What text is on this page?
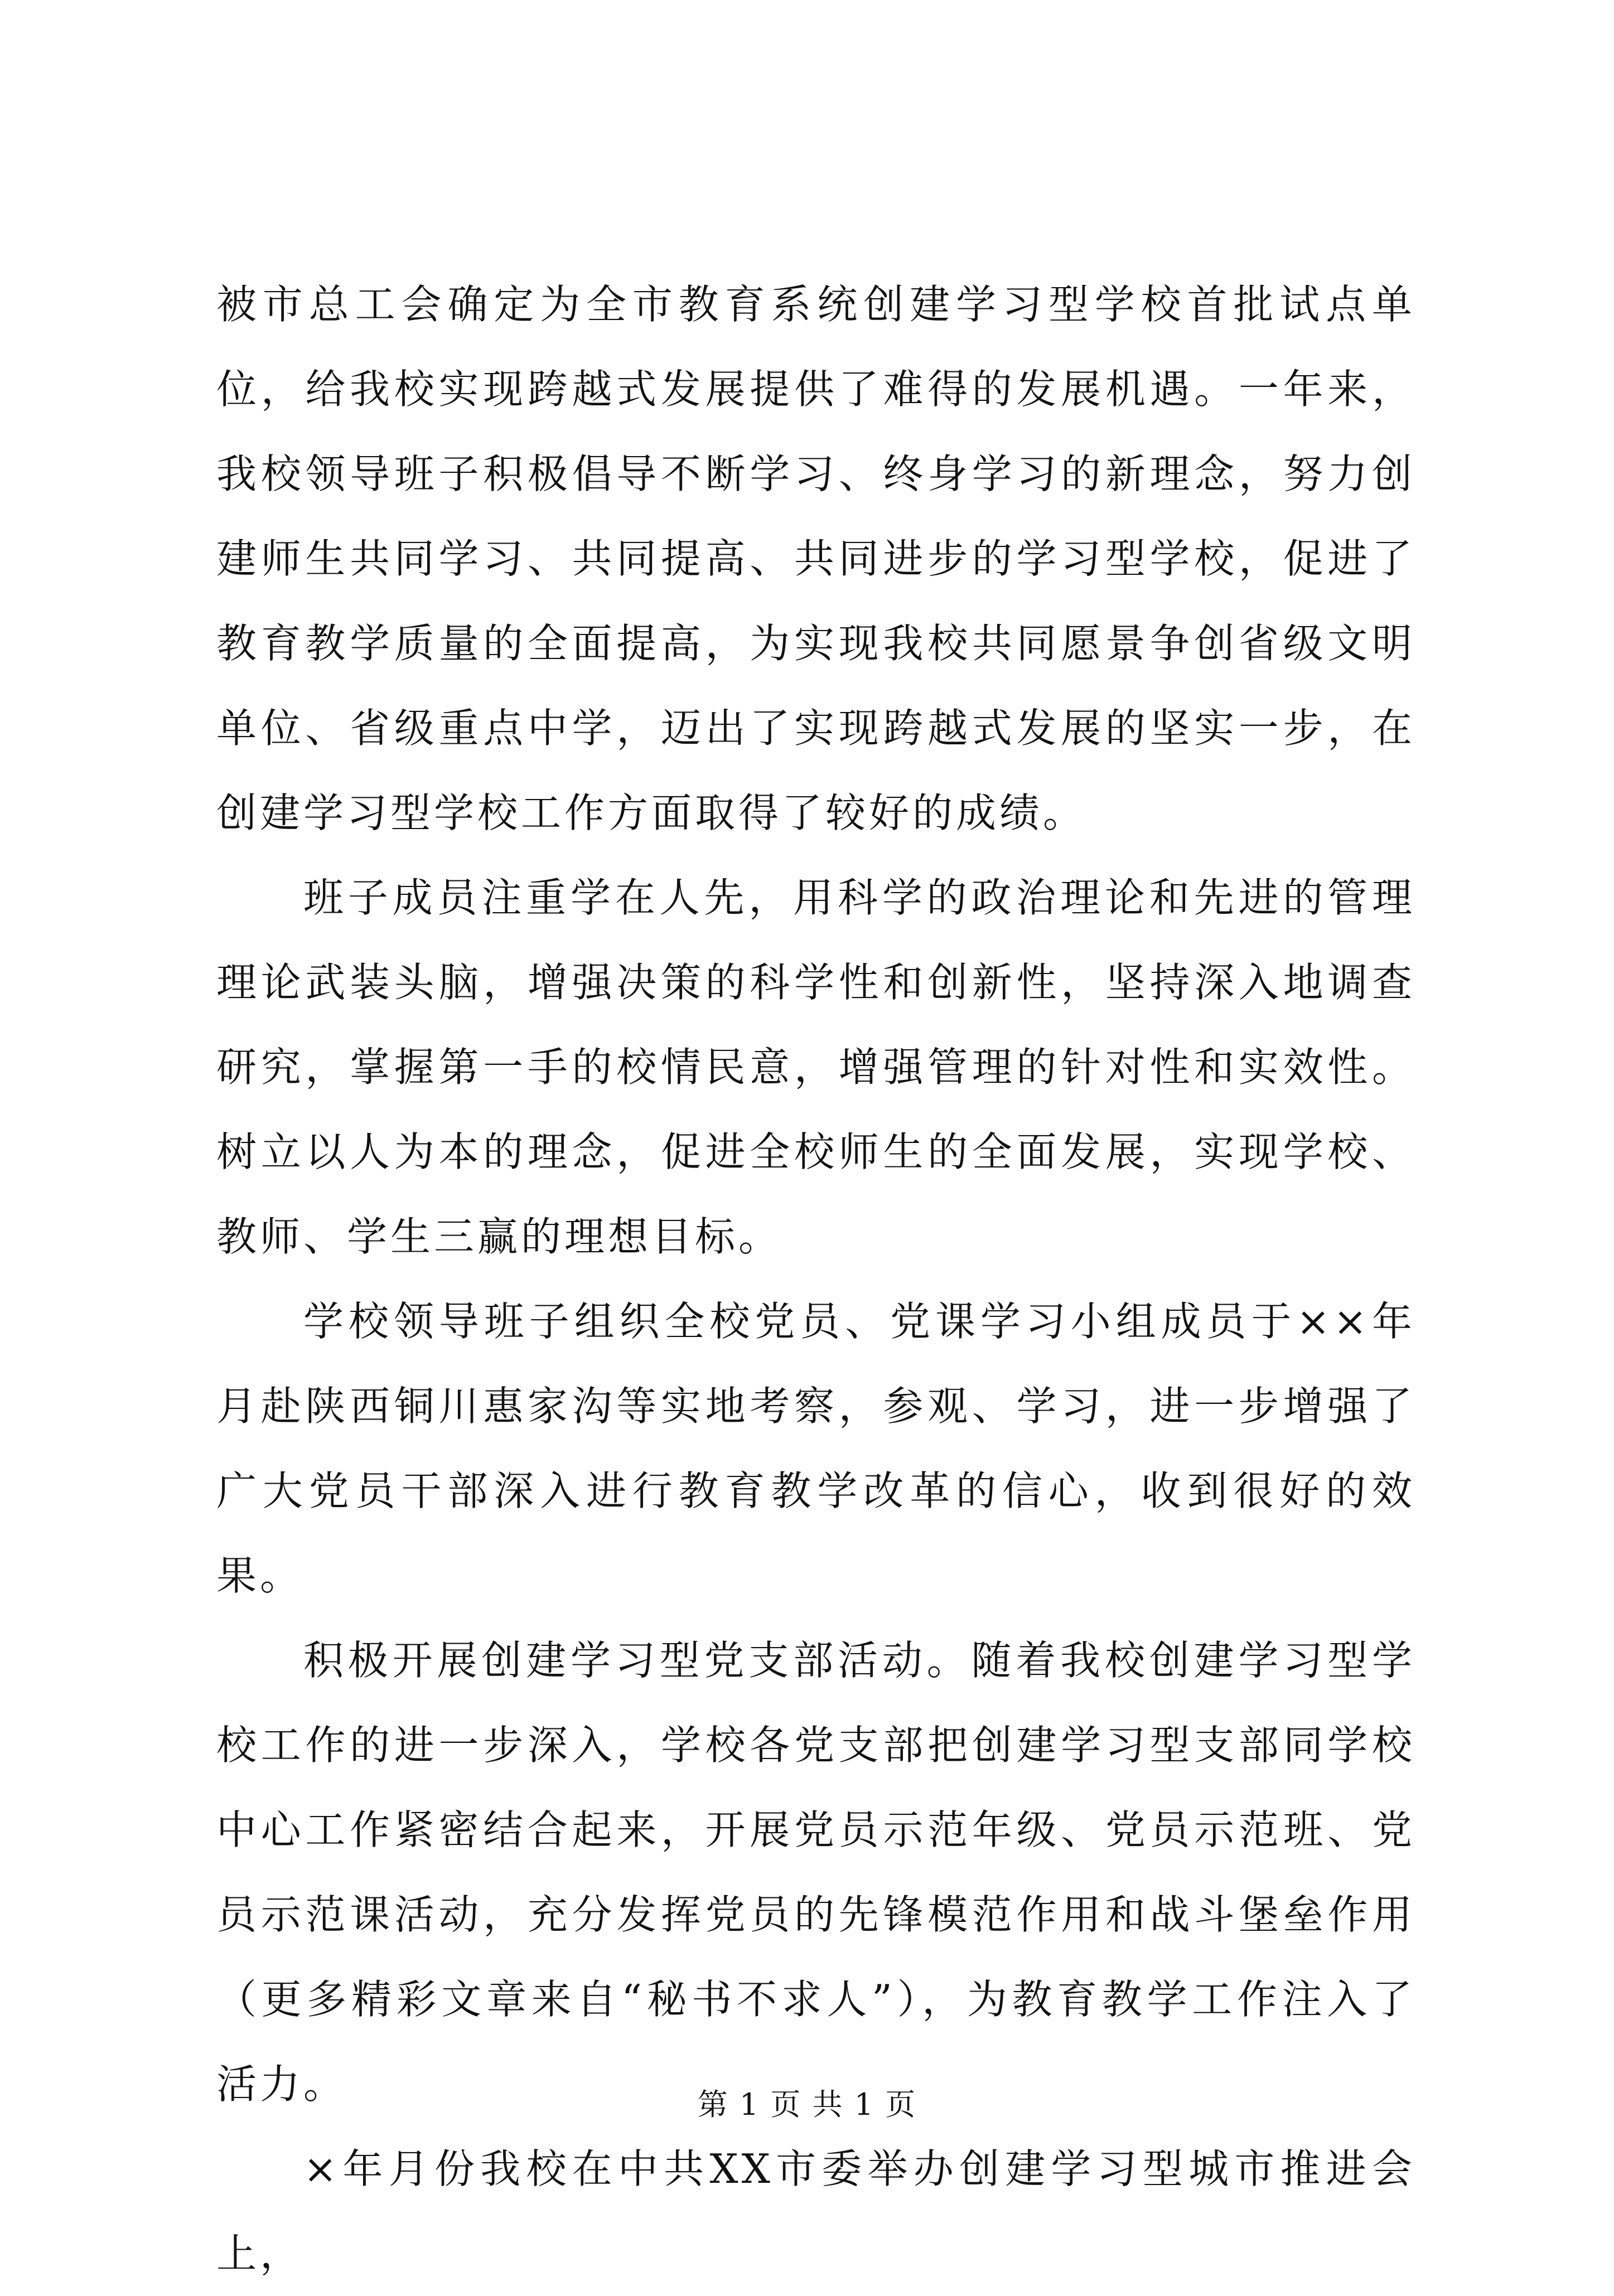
被市总工会确定为全市教育系统创建学习型学校首批试点单位，给我校实现跨越式发展提供了难得的发展机遇。一年来，我校领导班子积极倡导不断学习、终身学习的新理念，努力创建师生共同学习、共同提高、共同进步的学习型学校，促进了教育教学质量的全面提高，为实现我校共同愿景争创省级文明单位、省级重点中学，迈出了实现跨越式发展的坚实一步，在创建学习型学校工作方面取得了较好的成绩。

班子成员注重学在人先，用科学的政治理论和先进的管理理论武装头脑，增强决策的科学性和创新性，坚持深入地调查研究，掌握第一手的校情民意，增强管理的针对性和实效性。树立以人为本的理念，促进全校师生的全面发展，实现学校、教师、学生三赢的理想目标。

学校领导班子组织全校党员、党课学习小组成员于××年月赴陕西铜川惠家沟等实地考察，参观、学习，进一步增强了广大党员干部深入进行教育教学改革的信心，收到很好的效果。

积极开展创建学习型党支部活动。随着我校创建学习型学校工作的进一步深入，学校各党支部把创建学习型支部同学校中心工作紧密结合起来，开展党员示范年级、党员示范班、党员示范课活动，充分发挥党员的先锋模范作用和战斗堡垒作用（更多精彩文章来自“秘书不求人”），为教育教学工作注入了活力。

×年月份我校在中共XX市委举办创建学习型城市推进会上，

第 1 页 共 1 页
